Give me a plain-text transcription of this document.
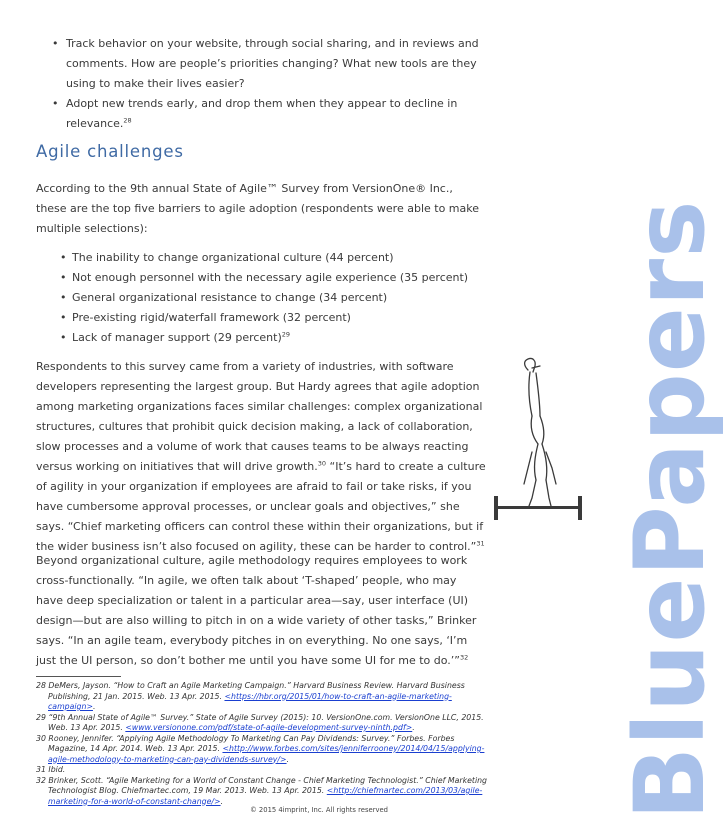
• Track behavior on your website, through social sharing, and in reviews and comments. How are people’s priorities changing? What new tools are they using to make their lives easier?
• Adopt new trends early, and drop them when they appear to decline in relevance.$^{28}$
Agile challenges
According to the 9th annual State of Agile™ Survey from VersionOne® Inc., these are the top five barriers to agile adoption (respondents were able to make multiple selections):
• The inability to change organizational culture (44 percent)
• Not enough personnel with the necessary agile experience (35 percent)
• General organizational resistance to change (34 percent)
• Pre-existing rigid/waterfall framework (32 percent)
• Lack of manager support (29 percent)$^{29}$
Respondents to this survey came from a variety of industries, with software developers representing the largest group. But Hardy agrees that agile adoption among marketing organizations faces similar challenges: complex organizational structures, cultures that prohibit quick decision making, a lack of collaboration, slow processes and a volume of work that causes teams to be always reacting versus working on initiatives that will drive growth.$^{30}$ “It’s hard to create a culture of agility in your organization if employees are afraid to fail or take risks, if you have cumbersome approval processes, or unclear goals and objectives,” she says. “Chief marketing officers can control these within their organizations, but if the wider business isn’t also focused on agility, these can be harder to control.”$^{31}$
Beyond organizational culture, agile methodology requires employees to work cross-functionally. “In agile, we often talk about ‘T-shaped’ people, who may have deep specialization or talent in a particular area—say, user interface (UI) design—but are also willing to pitch in on a wide variety of other tasks,” Brinker says. “In an agile team, everybody pitches in on everything. No one says, ‘I’m just the UI person, so don’t bother me until you have some UI for me to do.’”$^{32}$
28 DeMers, Jayson. “How to Craft an Agile Marketing Campaign.” Harvard Business Review. Harvard Business Publishing, 21 Jan. 2015. Web. 13 Apr. 2015. <https://hbr.org/2015/01/how-to-craft-an-agile-marketing-campaign>.
29 “9th Annual State of Agile™ Survey.” State of Agile Survey (2015): 10. VersionOne.com. VersionOne LLC, 2015. Web. 13 Apr. 2015. <www.versionone.com/pdf/state-of-agile-development-survey-ninth.pdf>.
30 Rooney, Jennifer. “Applying Agile Methodology To Marketing Can Pay Dividends: Survey.” Forbes. Forbes Magazine, 14 Apr. 2014. Web. 13 Apr. 2015. <http://www.forbes.com/sites/jenniferrooney/2014/04/15/applying-agile-methodology-to-marketing-can-pay-dividends-survey/>.
31 Ibid.
32 Brinker, Scott. “Agile Marketing for a World of Constant Change - Chief Marketing Technologist.” Chief Marketing Technologist Blog. Chiefmartec.com, 19 Mar. 2013. Web. 13 Apr. 2015. <http://chiefmartec.com/2013/03/agile-marketing-for-a-world-of-constant-change/>.
© 2015 4imprint, Inc. All rights reserved	BluePapers
